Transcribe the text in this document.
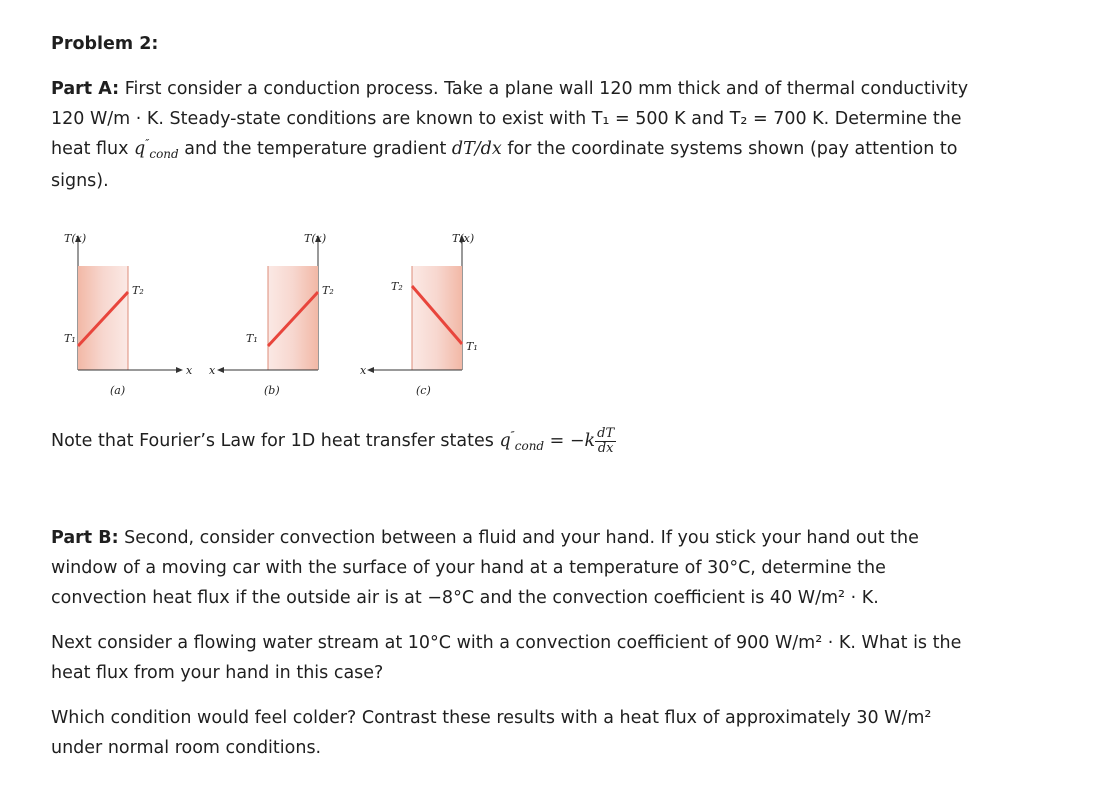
Problem 2:

Part A: First consider a conduction process. Take a plane wall 120 mm thick and of thermal conductivity
120 W/m · K. Steady-state conditions are known to exist with T₁ = 500 K and T₂ = 700 K. Determine the
heat flux $q''_{cond}$ and the temperature gradient dT/dx for the coordinate systems shown (pay attention to
signs).
T(x)
T₁
T₂
x
(a)
T(x)
T₁
T₂
x
(b)
T(x)
T₂
T₁
x
(c)
Note that Fourier’s Law for 1D heat transfer states $q''_{cond} = -k \frac{dT}{dx}$
Part B: Second, consider convection between a fluid and your hand. If you stick your hand out the
window of a moving car with the surface of your hand at a temperature of 30°C, determine the
convection heat flux if the outside air is at −8°C and the convection coefficient is 40 W/m² · K.
Next consider a flowing water stream at 10°C with a convection coefficient of 900 W/m² · K. What is the
heat flux from your hand in this case?
Which condition would feel colder? Contrast these results with a heat flux of approximately 30 W/m²
under normal room conditions.
